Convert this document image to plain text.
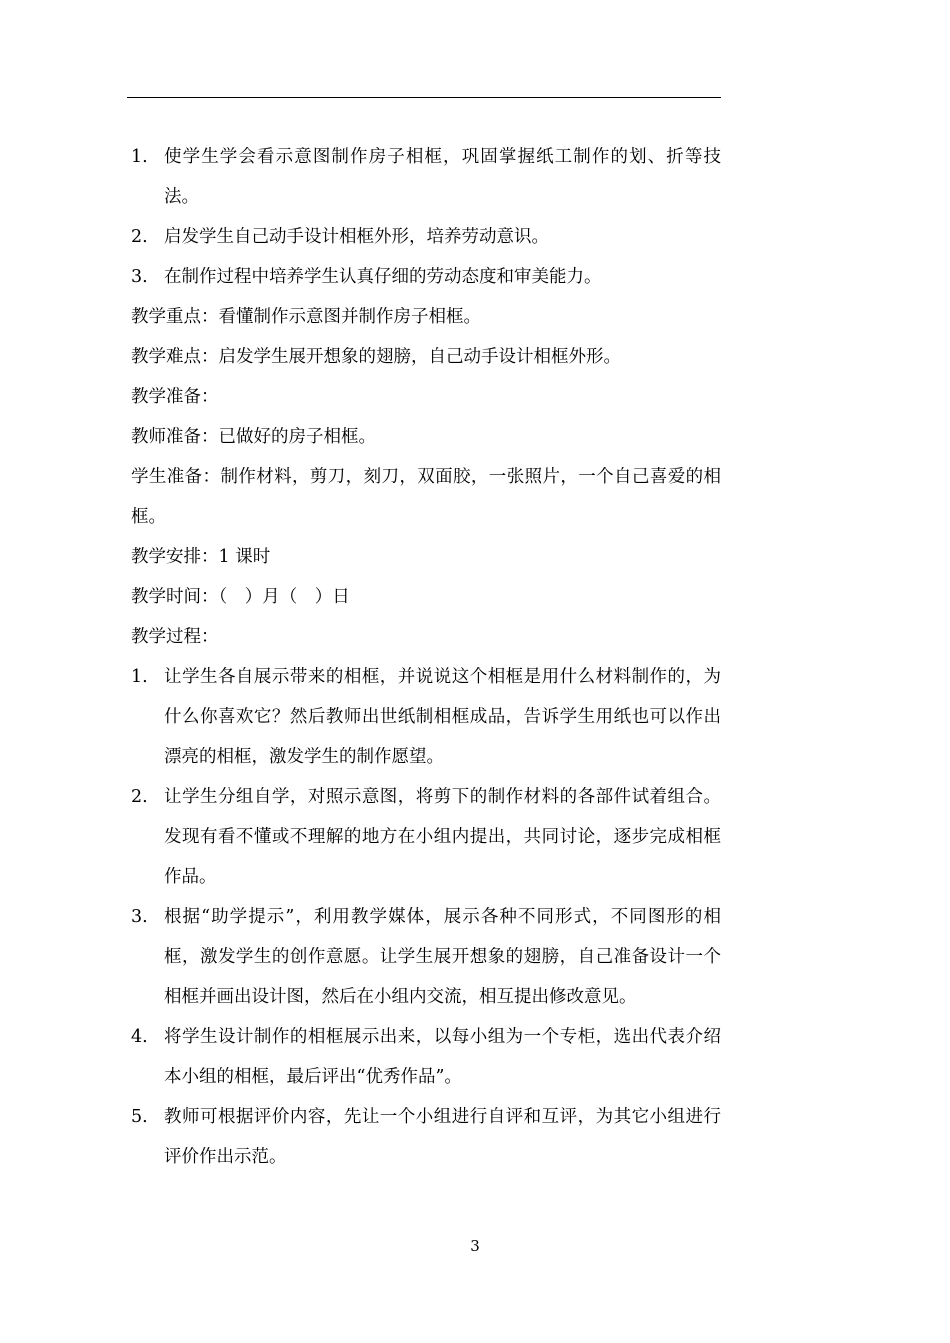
1. 使学生学会看示意图制作房子相框，巩固掌握纸工制作的划、折等技法。
2. 启发学生自己动手设计相框外形，培养劳动意识。
3. 在制作过程中培养学生认真仔细的劳动态度和审美能力。
教学重点：看懂制作示意图并制作房子相框。
教学难点：启发学生展开想象的翅膀，自己动手设计相框外形。
教学准备：
教师准备：已做好的房子相框。
学生准备：制作材料，剪刀，刻刀，双面胶，一张照片，一个自己喜爱的相框。
教学安排：1 课时
教学时间：（　）月（　）日
教学过程：
1. 让学生各自展示带来的相框，并说说这个相框是用什么材料制作的，为什么你喜欢它？然后教师出世纸制相框成品，告诉学生用纸也可以作出漂亮的相框，激发学生的制作愿望。
2. 让学生分组自学，对照示意图，将剪下的制作材料的各部件试着组合。发现有看不懂或不理解的地方在小组内提出，共同讨论，逐步完成相框作品。
3. 根据“助学提示”，利用教学媒体，展示各种不同形式，不同图形的相框，激发学生的创作意愿。让学生展开想象的翅膀，自己准备设计一个相框并画出设计图，然后在小组内交流，相互提出修改意见。
4. 将学生设计制作的相框展示出来，以每小组为一个专柜，选出代表介绍本小组的相框，最后评出“优秀作品”。
5. 教师可根据评价内容，先让一个小组进行自评和互评，为其它小组进行评价作出示范。
3
